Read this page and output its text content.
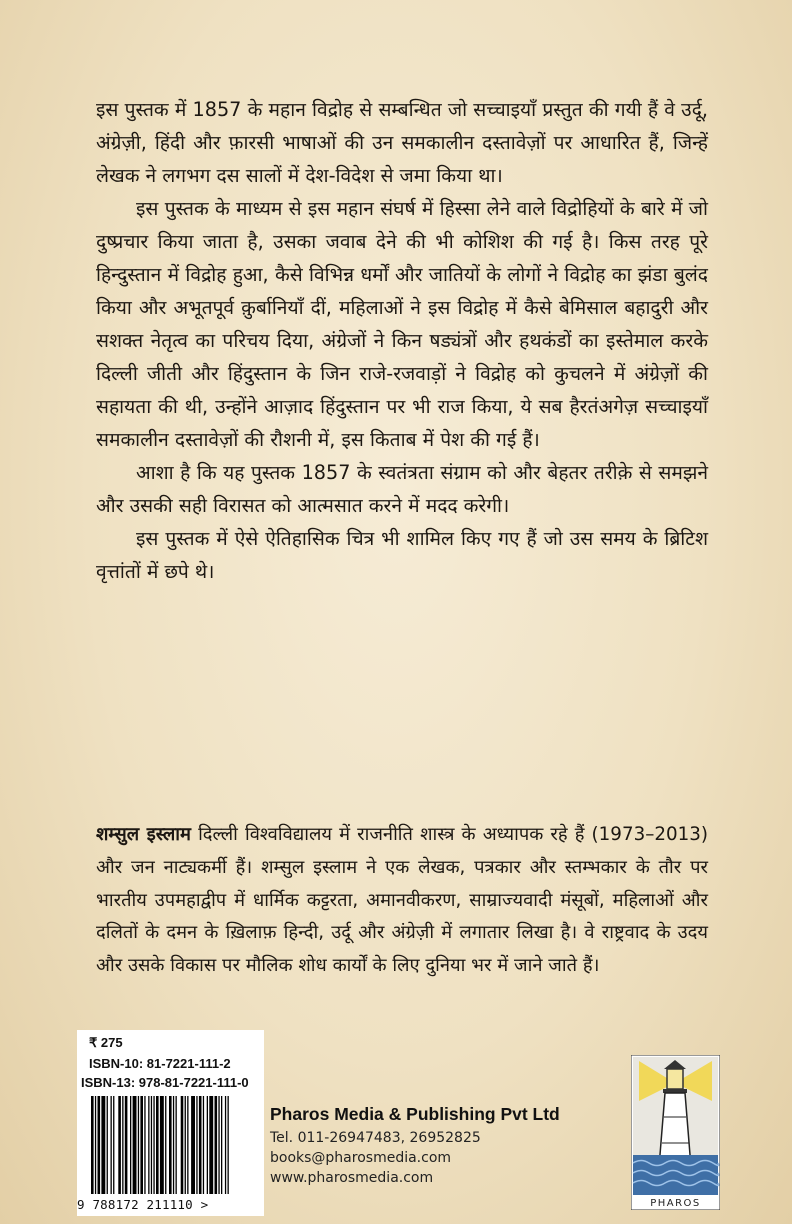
इस पुस्तक में 1857 के महान विद्रोह से सम्बन्धित जो सच्चाइयाँ प्रस्तुत की गयी हैं वे उर्दू, अंग्रेज़ी, हिंदी और फ़ारसी भाषाओं की उन समकालीन दस्तावेज़ों पर आधारित हैं, जिन्हें लेखक ने लगभग दस सालों में देश-विदेश से जमा किया था।

इस पुस्तक के माध्यम से इस महान संघर्ष में हिस्सा लेने वाले विद्रोहियों के बारे में जो दुष्प्रचार किया जाता है, उसका जवाब देने की भी कोशिश की गई है। किस तरह पूरे हिन्दुस्तान में विद्रोह हुआ, कैसे विभिन्न धर्मों और जातियों के लोगों ने विद्रोह का झंडा बुलंद किया और अभूतपूर्व क़ुर्बानियाँ दीं, महिलाओं ने इस विद्रोह में कैसे बेमिसाल बहादुरी और सशक्त नेतृत्व का परिचय दिया, अंग्रेजों ने किन षड्यंत्रों और हथकंडों का इस्तेमाल करके दिल्ली जीती और हिंदुस्तान के जिन राजे-रजवाड़ों ने विद्रोह को कुचलने में अंग्रेज़ों की सहायता की थी, उन्होंने आज़ाद हिंदुस्तान पर भी राज किया, ये सब हैरतंअगेज़ सच्चाइयाँ समकालीन दस्तावेज़ों की रौशनी में, इस किताब में पेश की गई हैं।

आशा है कि यह पुस्तक 1857 के स्वतंत्रता संग्राम को और बेहतर तरीक़े से समझने और उसकी सही विरासत को आत्मसात करने में मदद करेगी।

इस पुस्तक में ऐसे ऐतिहासिक चित्र भी शामिल किए गए हैं जो उस समय के ब्रिटिश वृत्तांतों में छपे थे।

शम्सुल इस्लाम दिल्ली विश्वविद्यालय में राजनीति शास्त्र के अध्यापक रहे हैं (1973–2013) और जन नाट्यकर्मी हैं। शम्सुल इस्लाम ने एक लेखक, पत्रकार और स्तम्भकार के तौर पर भारतीय उपमहाद्वीप में धार्मिक कट्टरता, अमानवीकरण, साम्राज्यवादी मंसूबों, महिलाओं और दलितों के दमन के ख़िलाफ़ हिन्दी, उर्दू और अंग्रेज़ी में लगातार लिखा है। वे राष्ट्रवाद के उदय और उसके विकास पर मौलिक शोध कार्यों के लिए दुनिया भर में जाने जाते हैं।

₹ 275
ISBN-10: 81-7221-111-2
ISBN-13: 978-81-7221-111-0
9 788172 211110 >
Pharos Media & Publishing Pvt Ltd
Tel. 011-26947483, 26952825
books@pharosmedia.com
www.pharosmedia.com
PHAROS
